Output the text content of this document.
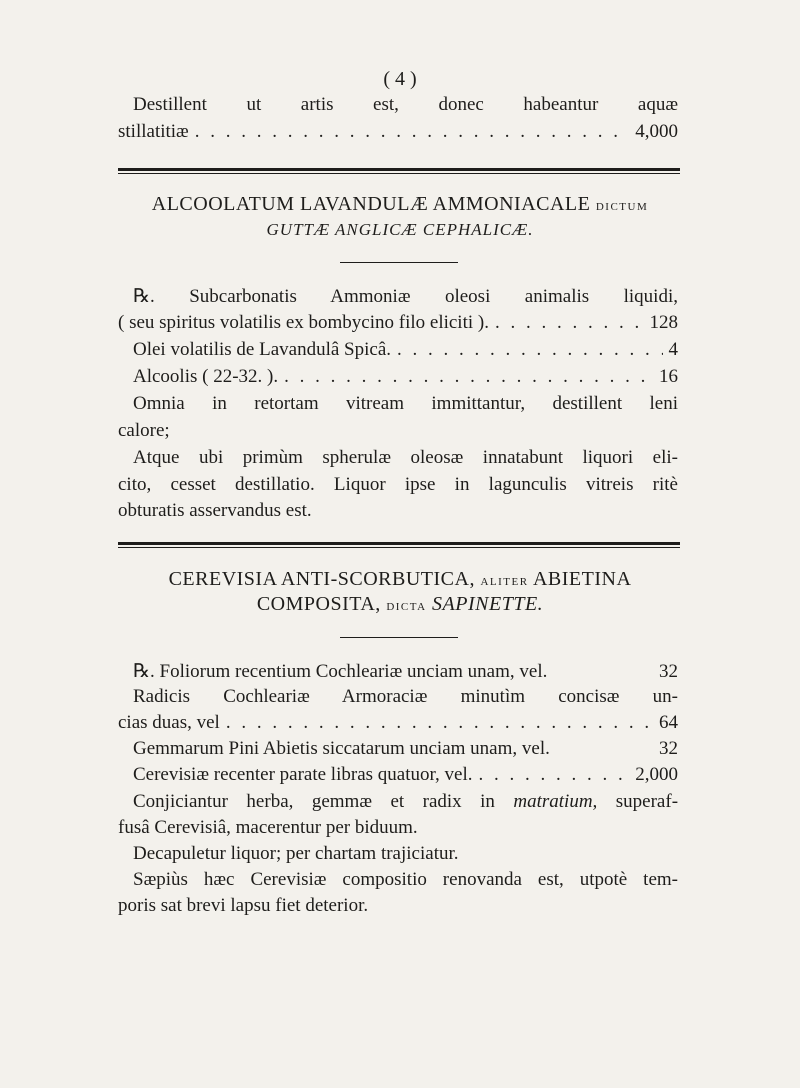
( 4 )
Destillent ut artis est, donec habeantur aquæ
stillatitiæ . . .	4,000
ALCOOLATUM LAVANDULÆ AMMONIACALE DICTUM
GUTTÆ ANGLICÆ CEPHALICÆ.
℞. Subcarbonatis Ammoniæ oleosi animalis liquidi,
( seu spiritus volatilis ex bombycino filo eliciti ). . . .	128
Olei volatilis de Lavandulâ Spicâ. . . .	4
Alcoolis ( 22-32. ). . . .	16
Omnia in retortam vitream immittantur, destillent leni
calore;
Atque ubi primùm spherulæ oleosæ innatabunt liquori eli-
cito, cesset destillatio. Liquor ipse in lagunculis vitreis ritè
obturatis asservandus est.
CEREVISIA ANTI-SCORBUTICA, ALITER ABIETINA
COMPOSITA, DICTA SAPINETTE.
℞. Foliorum recentium Cochleariæ unciam unam, vel.	32
Radicis Cochleariæ Armoraciæ minutìm concisæ un-
cias duas, vel . . .	64
Gemmarum Pini Abietis siccatarum unciam unam, vel.	32
Cerevisiæ recenter parate libras quatuor, vel. . . .	2,000
Conjiciantur herba, gemmæ et radix in matratium, superaf-
fusâ Cerevisiâ, macerentur per biduum.
Decapuletur liquor; per chartam trajiciatur.
Sæpiùs hæc Cerevisiæ compositio renovanda est, utpotè tem-
poris sat brevi lapsu fiet deterior.
